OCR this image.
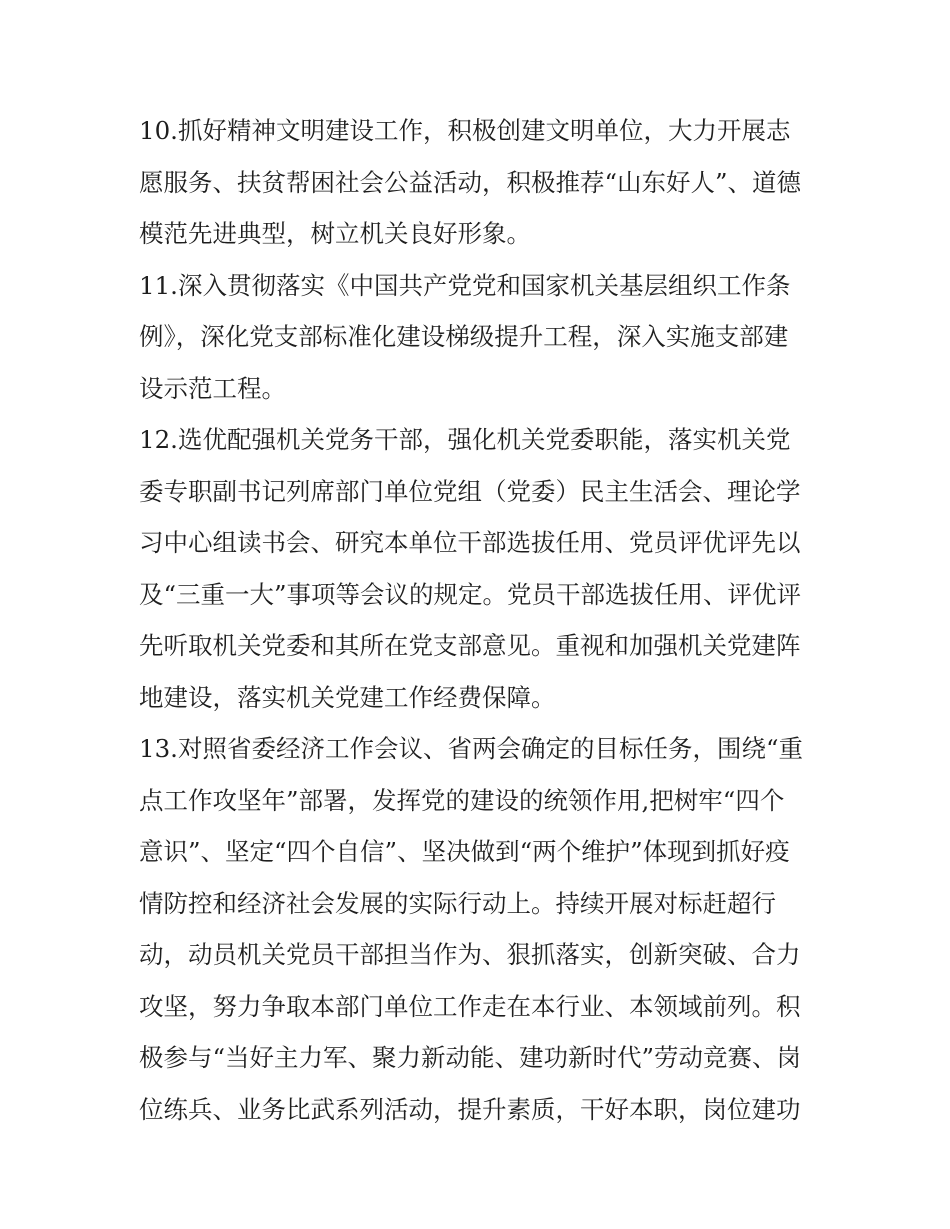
10.抓好精神文明建设工作，积极创建文明单位，大力开展志
愿服务、扶贫帮困社会公益活动，积极推荐“山东好人”、道德
模范先进典型，树立机关良好形象。
11.深入贯彻落实《中国共产党党和国家机关基层组织工作条
例》，深化党支部标准化建设梯级提升工程，深入实施支部建
设示范工程。
12.选优配强机关党务干部，强化机关党委职能，落实机关党
委专职副书记列席部门单位党组（党委）民主生活会、理论学
习中心组读书会、研究本单位干部选拔任用、党员评优评先以
及“三重一大”事项等会议的规定。党员干部选拔任用、评优评
先听取机关党委和其所在党支部意见。重视和加强机关党建阵
地建设，落实机关党建工作经费保障。
13.对照省委经济工作会议、省两会确定的目标任务，围绕“重
点工作攻坚年”部署，发挥党的建设的统领作用,把树牢“四个
意识”、坚定“四个自信”、坚决做到“两个维护”体现到抓好疫
情防控和经济社会发展的实际行动上。持续开展对标赶超行
动，动员机关党员干部担当作为、狠抓落实，创新突破、合力
攻坚，努力争取本部门单位工作走在本行业、本领域前列。积
极参与“当好主力军、聚力新动能、建功新时代”劳动竞赛、岗
位练兵、业务比武系列活动，提升素质，干好本职，岗位建功
